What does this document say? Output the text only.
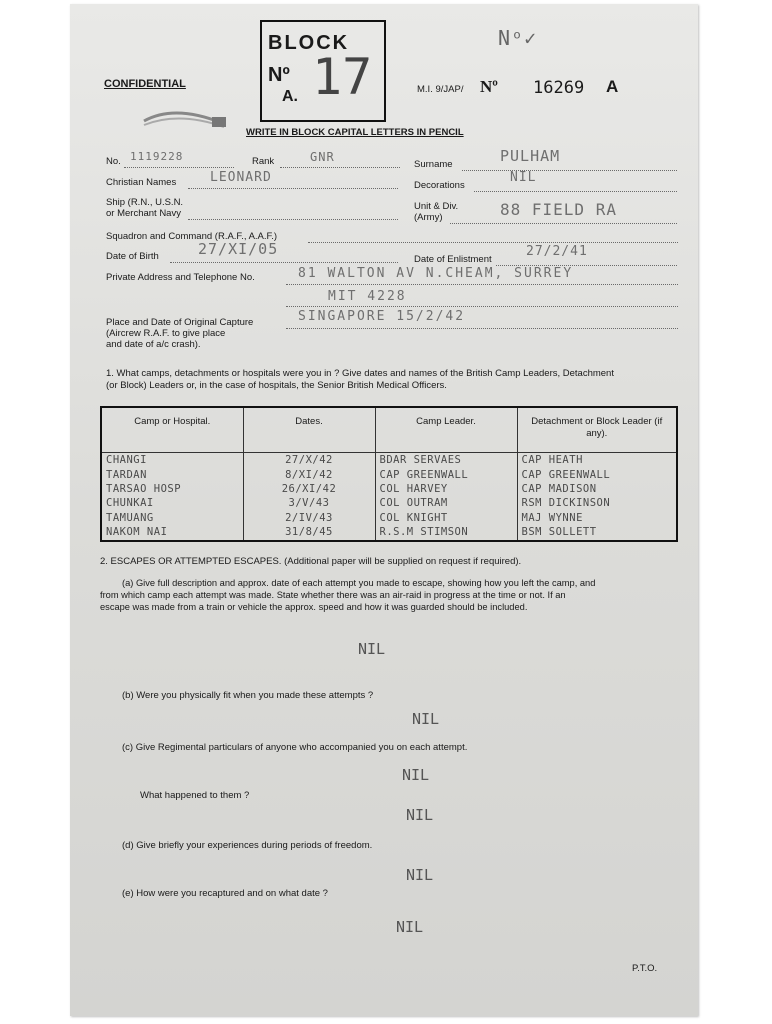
CONFIDENTIAL
BLOCK
Nº 17
A.
Nᵒ✓
M.I. 9/JAP/ Nº 16269 A
WRITE IN BLOCK CAPITAL LETTERS IN PENCIL
No. 1119228	Rank	GNR
Surname	PULHAM
Christian Names	LEONARD
Decorations
NIL
Ship (R.N., U.S.N.
or Merchant Navy
Unit & Div.
(Army)	88 FIELD RA
Squadron and Command (R.A.F., A.A.F.)
Date of Birth	27/XI/05
Date of Enlistment
27/2/41
Private Address and Telephone No.	81 WALTON AV N.CHEAM, SURREY
MIT 4228
Place and Date of Original Capture
(Aircrew R.A.F. to give place
and date of a/c crash).
SINGAPORE 15/2/42
1. What camps, detachments or hospitals were you in ? Give dates and names of the British Camp Leaders, Detachment
(or Block) Leaders or, in the case of hospitals, the Senior British Medical Officers.
Camp or Hospital.	Dates.	Camp Leader.	Detachment or Block Leader (if any).
CHANGI	27/X/42	BDAR SERVAES	CAP HEATH
TARDAN	8/XI/42	CAP GREENWALL	CAP GREENWALL
TARSAO HOSP	26/XI/42	COL HARVEY	CAP MADISON
CHUNKAI	3/V/43	COL OUTRAM	RSM DICKINSON
TAMUANG	2/IV/43	COL KNIGHT	MAJ WYNNE
NAKOM NAI	31/8/45	R.S.M STIMSON	BSM SOLLETT
2. ESCAPES OR ATTEMPTED ESCAPES. (Additional paper will be supplied on request if required).
(a) Give full description and approx. date of each attempt you made to escape, showing how you left the camp, and
from which camp each attempt was made. State whether there was an air-raid in progress at the time or not. If an
escape was made from a train or vehicle the approx. speed and how it was guarded should be included.
NIL
(b) Were you physically fit when you made these attempts ?
NIL
(c) Give Regimental particulars of anyone who accompanied you on each attempt.
NIL
What happened to them ?
NIL
(d) Give briefly your experiences during periods of freedom.
NIL
(e) How were you recaptured and on what date ?
NIL
P.T.O.
